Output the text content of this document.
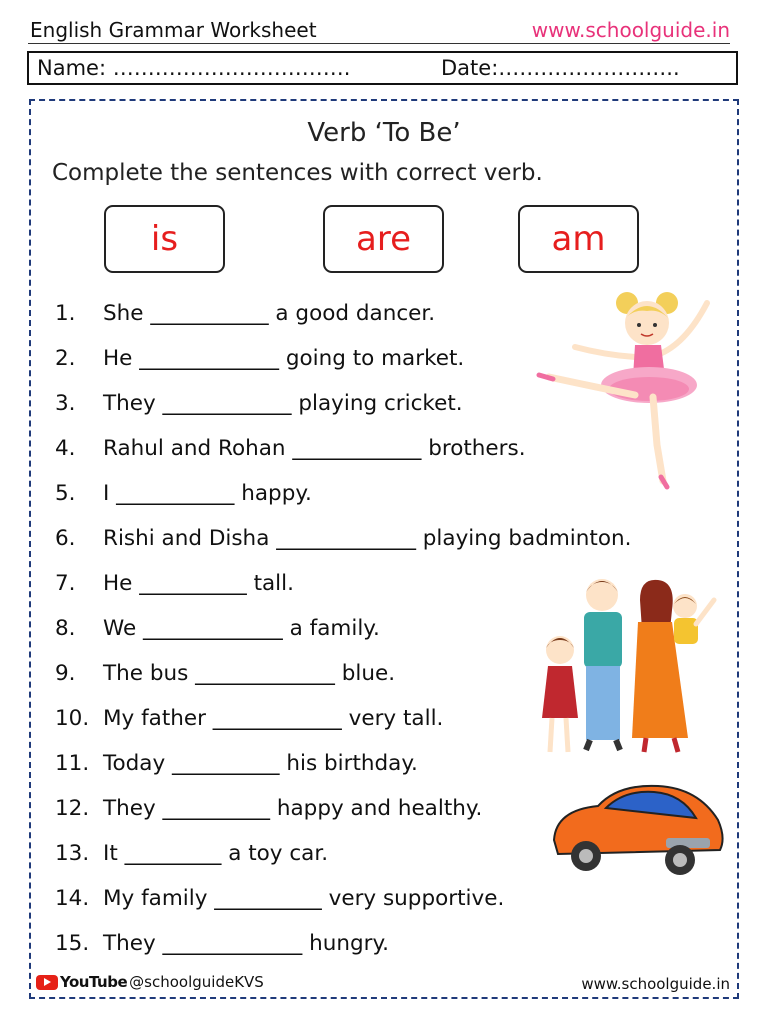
English Grammar Worksheet	www.schoolguide.in
Name: …………………………….	Date:……………………..
Verb ‘To Be’
Complete the sentences with correct verb.
is	are	am
1. She ___________ a good dancer.
2. He _____________ going to market.
3. They ____________ playing cricket.
4. Rahul and Rohan ____________ brothers.
5. I ___________ happy.
6. Rishi and Disha _____________ playing badminton.
7. He __________ tall.
8. We _____________ a family.
9. The bus _____________ blue.
10. My father ____________ very tall.
11. Today __________ his birthday.
12. They __________ happy and healthy.
13. It _________ a toy car.
14. My family __________ very supportive.
15. They _____________ hungry.
YouTube @schoolguideKVS	www.schoolguide.in
